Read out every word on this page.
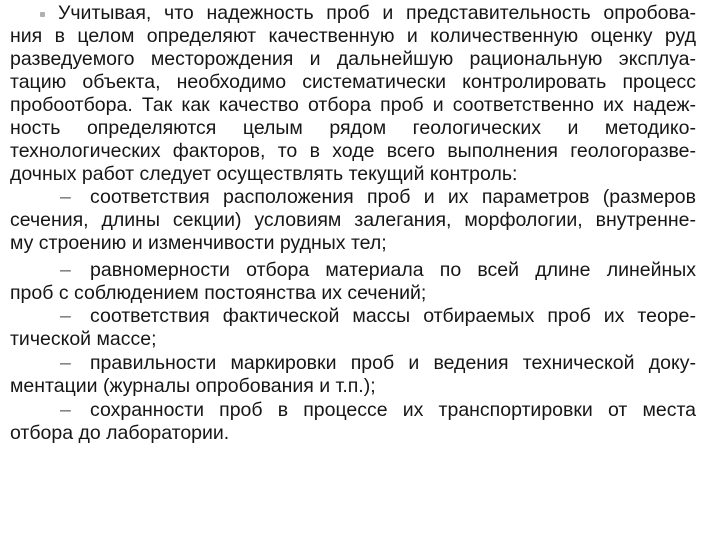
Учитывая, что надежность проб и представительность опробова-
ния в целом определяют качественную и количественную оценку руд
разведуемого месторождения и дальнейшую рациональную эксплуа-
тацию объекта, необходимо систематически контролировать процесс
пробоотбора. Так как качество отбора проб и соответственно их надеж-
ность определяются целым рядом геологических и методико-
технологических факторов, то в ходе всего выполнения геологоразве-
дочных работ следует осуществлять текущий контроль:
– соответствия расположения проб и их параметров (размеров
сечения, длины секции) условиям залегания, морфологии, внутренне-
му строению и изменчивости рудных тел;
– равномерности отбора материала по всей длине линейных
проб с соблюдением постоянства их сечений;
– соответствия фактической массы отбираемых проб их теоре-
тической массе;
– правильности маркировки проб и ведения технической доку-
ментации (журналы опробования и т.п.);
– сохранности проб в процессе их транспортировки от места
отбора до лаборатории.
